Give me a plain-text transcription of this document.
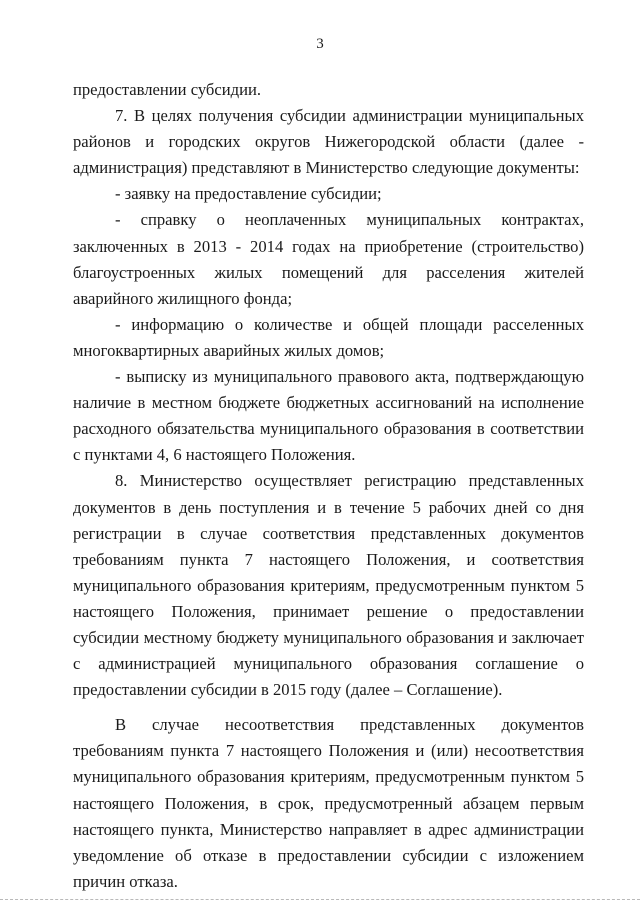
3

предоставлении субсидии.

7. В целях получения субсидии администрации муниципальных районов и городских округов Нижегородской области (далее - администрация) представляют в Министерство следующие документы:

- заявку на предоставление субсидии;

- справку о неоплаченных муниципальных контрактах, заключенных в 2013 - 2014 годах на приобретение (строительство) благоустроенных жилых помещений для расселения жителей аварийного жилищного фонда;

- информацию о количестве и общей площади расселенных многоквартирных аварийных жилых домов;

- выписку из муниципального правового акта, подтверждающую наличие в местном бюджете бюджетных ассигнований на исполнение расходного обязательства муниципального образования в соответствии с пунктами 4, 6 настоящего Положения.

8. Министерство осуществляет регистрацию представленных документов в день поступления и в течение 5 рабочих дней со дня регистрации в случае соответствия представленных документов требованиям пункта 7 настоящего Положения, и соответствия муниципального образования критериям, предусмотренным пунктом 5 настоящего Положения, принимает решение о предоставлении субсидии местному бюджету муниципального образования и заключает с администрацией муниципального образования соглашение о предоставлении субсидии в 2015 году (далее – Соглашение).

В случае несоответствия представленных документов требованиям пункта 7 настоящего Положения и (или) несоответствия муниципального образования критериям, предусмотренным пунктом 5 настоящего Положения, в срок, предусмотренный абзацем первым настоящего пункта, Министерство направляет в адрес администрации уведомление об отказе в предоставлении субсидии с изложением причин отказа.
